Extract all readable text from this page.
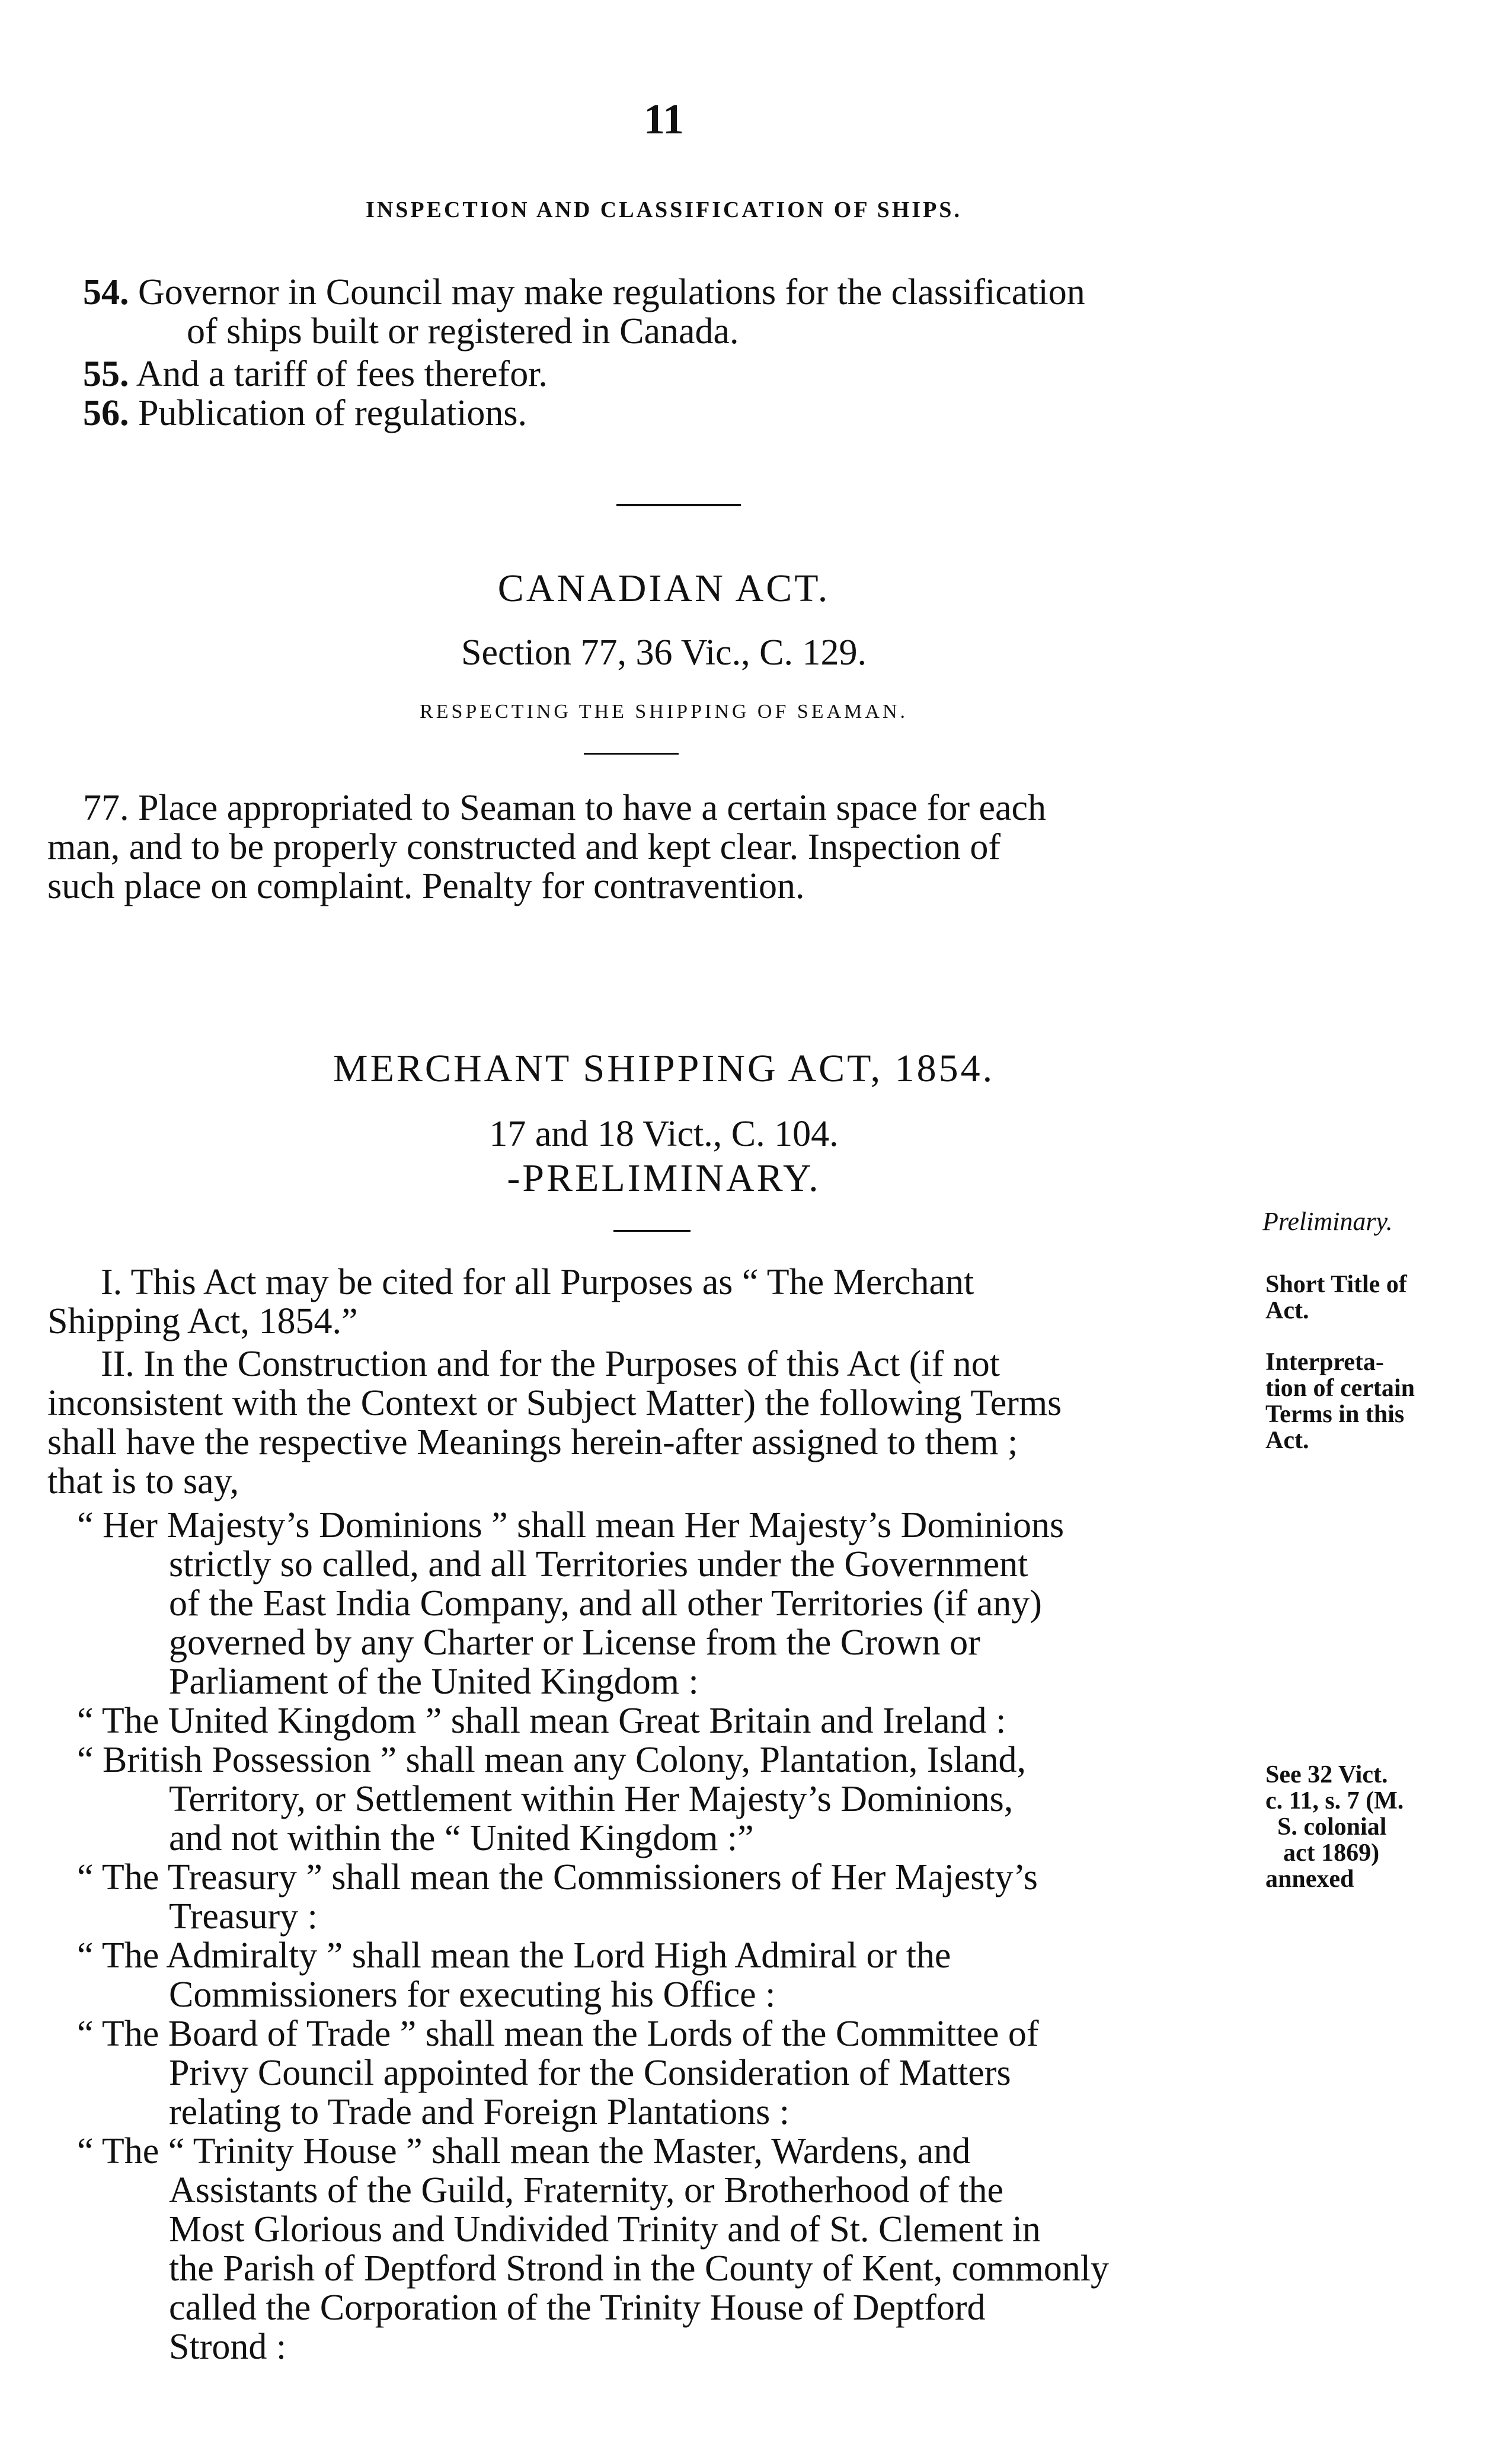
11
INSPECTION AND CLASSIFICATION OF SHIPS.
54. Governor in Council may make regulations for the classification
of ships built or registered in Canada.
55. And a tariff of fees therefor.
56. Publication of regulations.
CANADIAN ACT.
Section 77, 36 Vic., C. 129.
RESPECTING THE SHIPPING OF SEAMAN.
77. Place appropriated to Seaman to have a certain space for each
man, and to be properly constructed and kept clear. Inspection of
such place on complaint. Penalty for contravention.
MERCHANT SHIPPING ACT, 1854.
17 and 18 Vict., C. 104.
-PRELIMINARY.
Preliminary.
I. This Act may be cited for all Purposes as “ The Merchant
Shipping Act, 1854.”
Short Title of
Act.
II. In the Construction and for the Purposes of this Act (if not
inconsistent with the Context or Subject Matter) the following Terms
shall have the respective Meanings herein-after assigned to them ;
that is to say,
Interpreta-
tion of certain
Terms in this
Act.
“ Her Majesty’s Dominions ” shall mean Her Majesty’s Dominions
strictly so called, and all Territories under the Government
of the East India Company, and all other Territories (if any)
governed by any Charter or License from the Crown or
Parliament of the United Kingdom :
“ The United Kingdom ” shall mean Great Britain and Ireland :
“ British Possession ” shall mean any Colony, Plantation, Island,
Territory, or Settlement within Her Majesty’s Dominions,
and not within the “ United Kingdom :”
“ The Treasury ” shall mean the Commissioners of Her Majesty’s
Treasury :
“ The Admiralty ” shall mean the Lord High Admiral or the
Commissioners for executing his Office :
“ The Board of Trade ” shall mean the Lords of the Committee of
Privy Council appointed for the Consideration of Matters
relating to Trade and Foreign Plantations :
“ The “ Trinity House ” shall mean the Master, Wardens, and
Assistants of the Guild, Fraternity, or Brotherhood of the
Most Glorious and Undivided Trinity and of St. Clement in
the Parish of Deptford Strond in the County of Kent, commonly
called the Corporation of the Trinity House of Deptford
Strond :
See 32 Vict.
c. 11, s. 7 (M.
S. colonial
act 1869)
annexed
